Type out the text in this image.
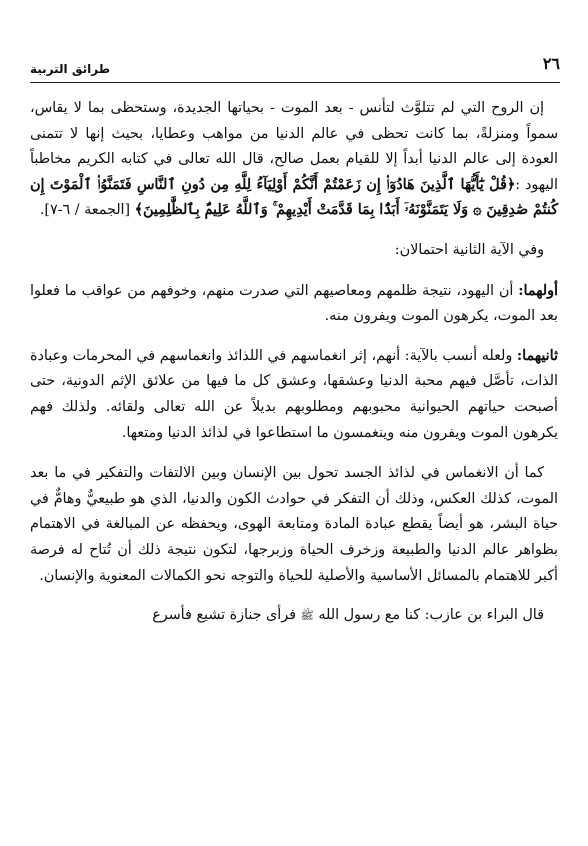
٢٦
طرائق التربية

إن الروح التي لم تتلوَّث لتأنس - بعد الموت - بحياتها الجديدة، وستحظى بما لا يقاس، سمواً ومنزلةً، بما كانت تحظى في عالم الدنيا من مواهب وعطايا، بحيث إنها لا تتمنى العودة إلى عالم الدنيا أبداً إلا للقيام بعمل صالح، قال الله تعالى في كتابه الكريم مخاطباً اليهود :﴿قُلْ يَٰٓأَيُّهَا ٱلَّذِينَ هَادُوٓا۟ إِن زَعَمْتُمْ أَنَّكُمْ أَوْلِيَآءُ لِلَّهِ مِن دُونِ ٱلنَّاسِ فَتَمَنَّوُا۟ ٱلْمَوْتَ إِن كُنتُمْ صَٰدِقِينَ ۞ وَلَا يَتَمَنَّوْنَهُۥٓ أَبَدًۢا بِمَا قَدَّمَتْ أَيْدِيهِمْ ۚ وَٱللَّهُ عَلِيمٌۢ بِٱلظَّٰلِمِينَ﴾ [الجمعة / ٦-٧].

وفي الآية الثانية احتمالان:

أولهما: أن اليهود، نتيجة ظلمهم ومعاصيهم التي صدرت منهم، وخوفهم من عواقب ما فعلوا بعد الموت، يكرهون الموت ويفرون منه.

ثانيهما: ولعله أنسب بالآية: أنهم، إثر انغماسهم في اللذائذ وانغماسهم في المحرمات وعبادة الذات، تأصَّل فيهم محبة الدنيا وعشقها، وعشق كل ما فيها من علائق الإثم الدونية، حتى أصبحت حياتهم الحيوانية محبوبهم ومطلوبهم بديلاً عن الله تعالى ولقائه. ولذلك فهم يكرهون الموت ويفرون منه وينغمسون ما استطاعوا في لذائذ الدنيا ومتعها.

كما أن الانغماس في لذائذ الجسد تحول بين الإنسان وبين الالتفات والتفكير في ما بعد الموت، كذلك العكس، وذلك أن التفكر في حوادث الكون والدنيا، الذي هو طبيعيٌّ وهامٌّ في حياة البشر، هو أيضاً يقطع عبادة المادة ومتابعة الهوى، ويحفظه عن المبالغة في الاهتمام بظواهر عالم الدنيا والطبيعة وزخرف الحياة وزبرجها، لتكون نتيجة ذلك أن تُتاح له فرصة أكبر للاهتمام بالمسائل الأساسية والأصلية للحياة والتوجه نحو الكمالات المعنوية والإنسان.

قال البراء بن عازب: كنا مع رسول الله ﷺ فرأى جنازة تشيع فأسرع
